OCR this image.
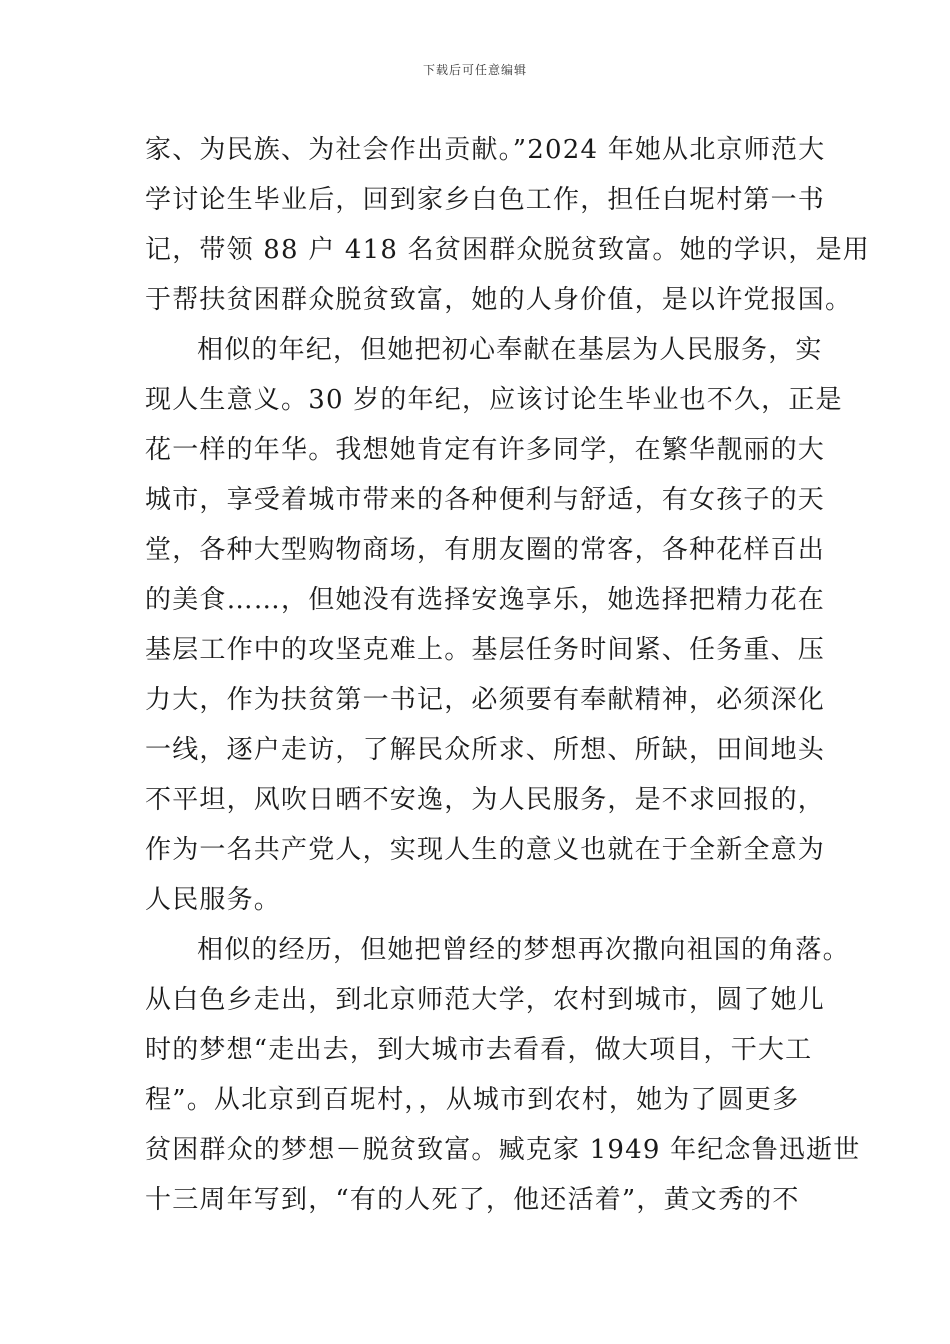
下载后可任意编辑
家、为民族、为社会作出贡献。”2024 年她从北京师范大
学讨论生毕业后，回到家乡白色工作，担任白坭村第一书
记，带领 88 户 418 名贫困群众脱贫致富。她的学识，是用
于帮扶贫困群众脱贫致富，她的人身价值，是以许党报国。
相似的年纪，但她把初心奉献在基层为人民服务，实
现人生意义。30 岁的年纪，应该讨论生毕业也不久，正是
花一样的年华。我想她肯定有许多同学，在繁华靓丽的大
城市，享受着城市带来的各种便利与舒适，有女孩子的天
堂，各种大型购物商场，有朋友圈的常客，各种花样百出
的美食……，但她没有选择安逸享乐，她选择把精力花在
基层工作中的攻坚克难上。基层任务时间紧、任务重、压
力大，作为扶贫第一书记，必须要有奉献精神，必须深化
一线，逐户走访，了解民众所求、所想、所缺，田间地头
不平坦，风吹日晒不安逸，为人民服务，是不求回报的，
作为一名共产党人，实现人生的意义也就在于全新全意为
人民服务。
相似的经历，但她把曾经的梦想再次撒向祖国的角落。
从白色乡走出，到北京师范大学，农村到城市，圆了她儿
时的梦想“走出去，到大城市去看看，做大项目，干大工
程”。从北京到百坭村，，从城市到农村，她为了圆更多
贫困群众的梦想－脱贫致富。臧克家 1949 年纪念鲁迅逝世
十三周年写到，“有的人死了，他还活着”，黄文秀的不
